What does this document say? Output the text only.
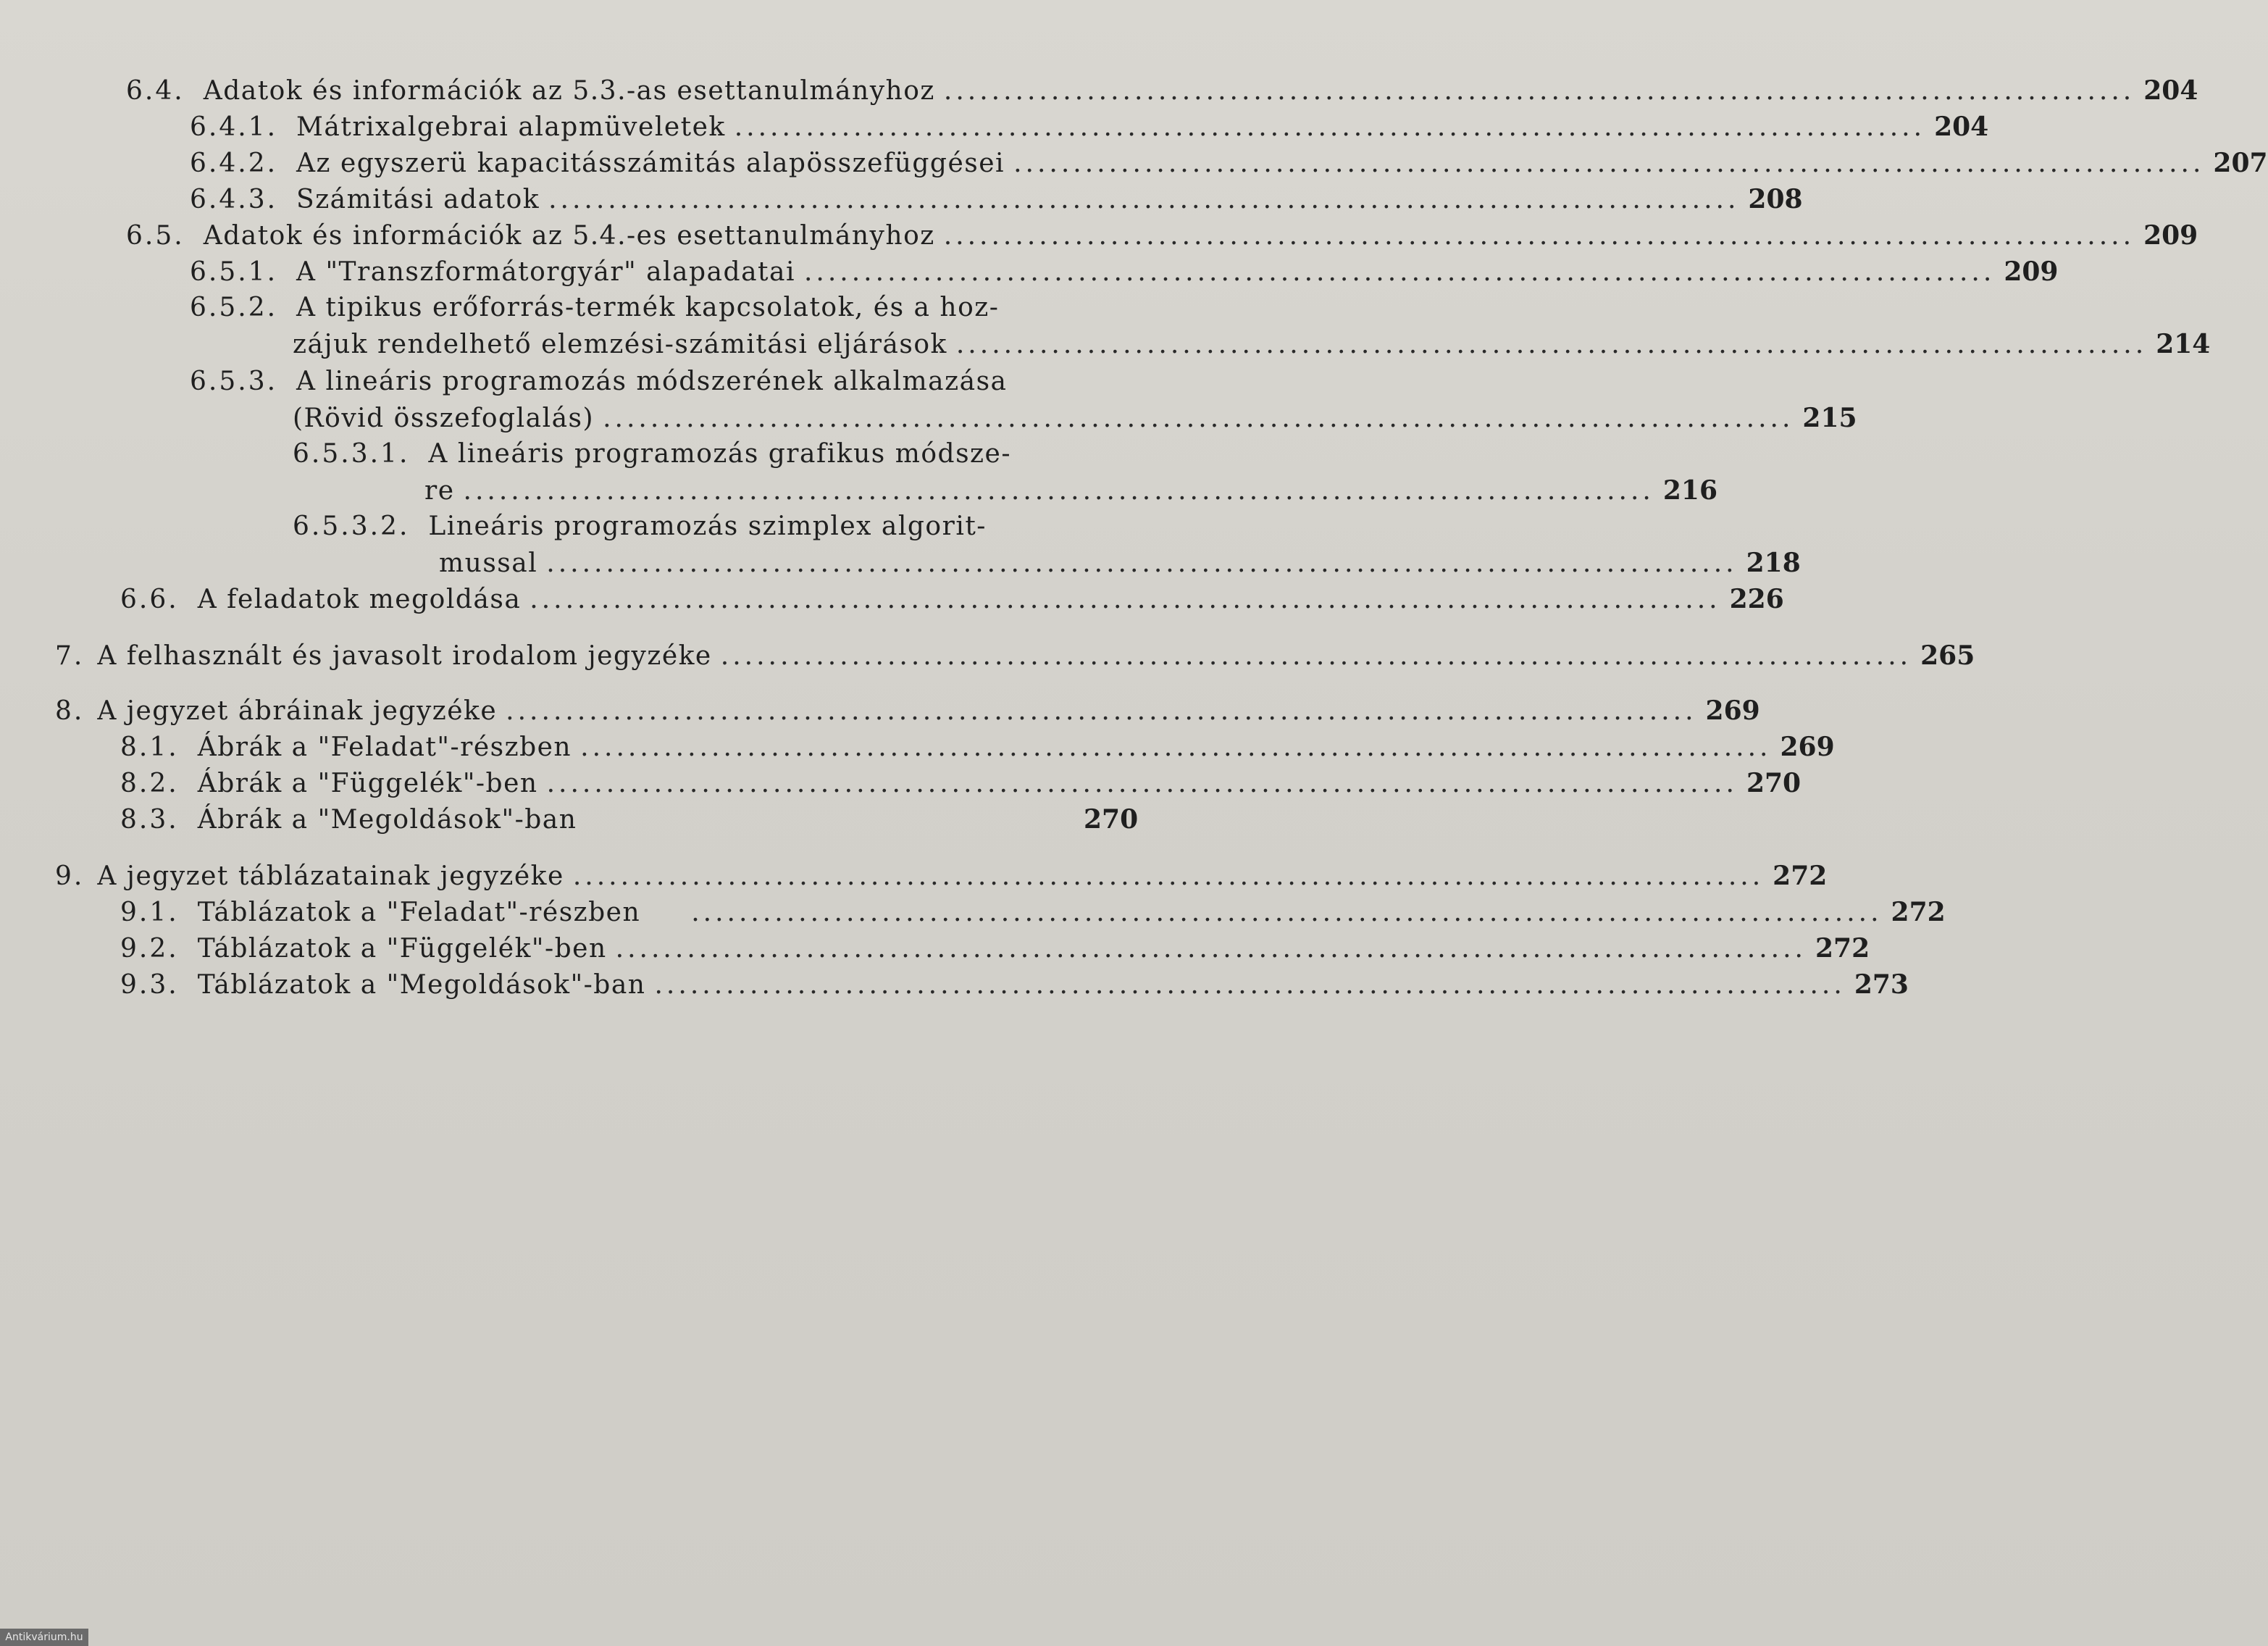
6.4. Adatok és információk az 5.3.-as esettanulmányhoz .................................................................................................... 204
6.4.1. Mátrixalgebrai alapmüveletek .................................................................................................... 204
6.4.2. Az egyszerü kapacitásszámitás alapösszefüggései .................................................................................................... 207
6.4.3. Számitási adatok .................................................................................................... 208
6.5. Adatok és információk az 5.4.-es esettanulmányhoz .................................................................................................... 209
6.5.1. A "Transzformátorgyár" alapadatai .................................................................................................... 209
6.5.2. A tipikus erőforrás-termék kapcsolatok, és a hoz-
zájuk rendelhető elemzési-számitási eljárások .................................................................................................... 214
6.5.3. A lineáris programozás módszerének alkalmazása
(Rövid összefoglalás) .................................................................................................... 215
6.5.3.1. A lineáris programozás grafikus módsze-
re .................................................................................................... 216
6.5.3.2. Lineáris programozás szimplex algorit-
mussal .................................................................................................... 218
6.6. A feladatok megoldása .................................................................................................... 226
7. A felhasznált és javasolt irodalom jegyzéke .................................................................................................... 265
8. A jegyzet ábráinak jegyzéke .................................................................................................... 269
8.1. Ábrák a "Feladat"-részben .................................................................................................... 269
8.2. Ábrák a "Függelék"-ben .................................................................................................... 270
8.3. Ábrák a "Megoldások"-ban	270
9. A jegyzet táblázatainak jegyzéke .................................................................................................... 272
9.1. Táblázatok a "Feladat"-részben .................................................................................................... 272
9.2. Táblázatok a "Függelék"-ben .................................................................................................... 272
9.3. Táblázatok a "Megoldások"-ban .................................................................................................... 273
Antikvárium.hu
